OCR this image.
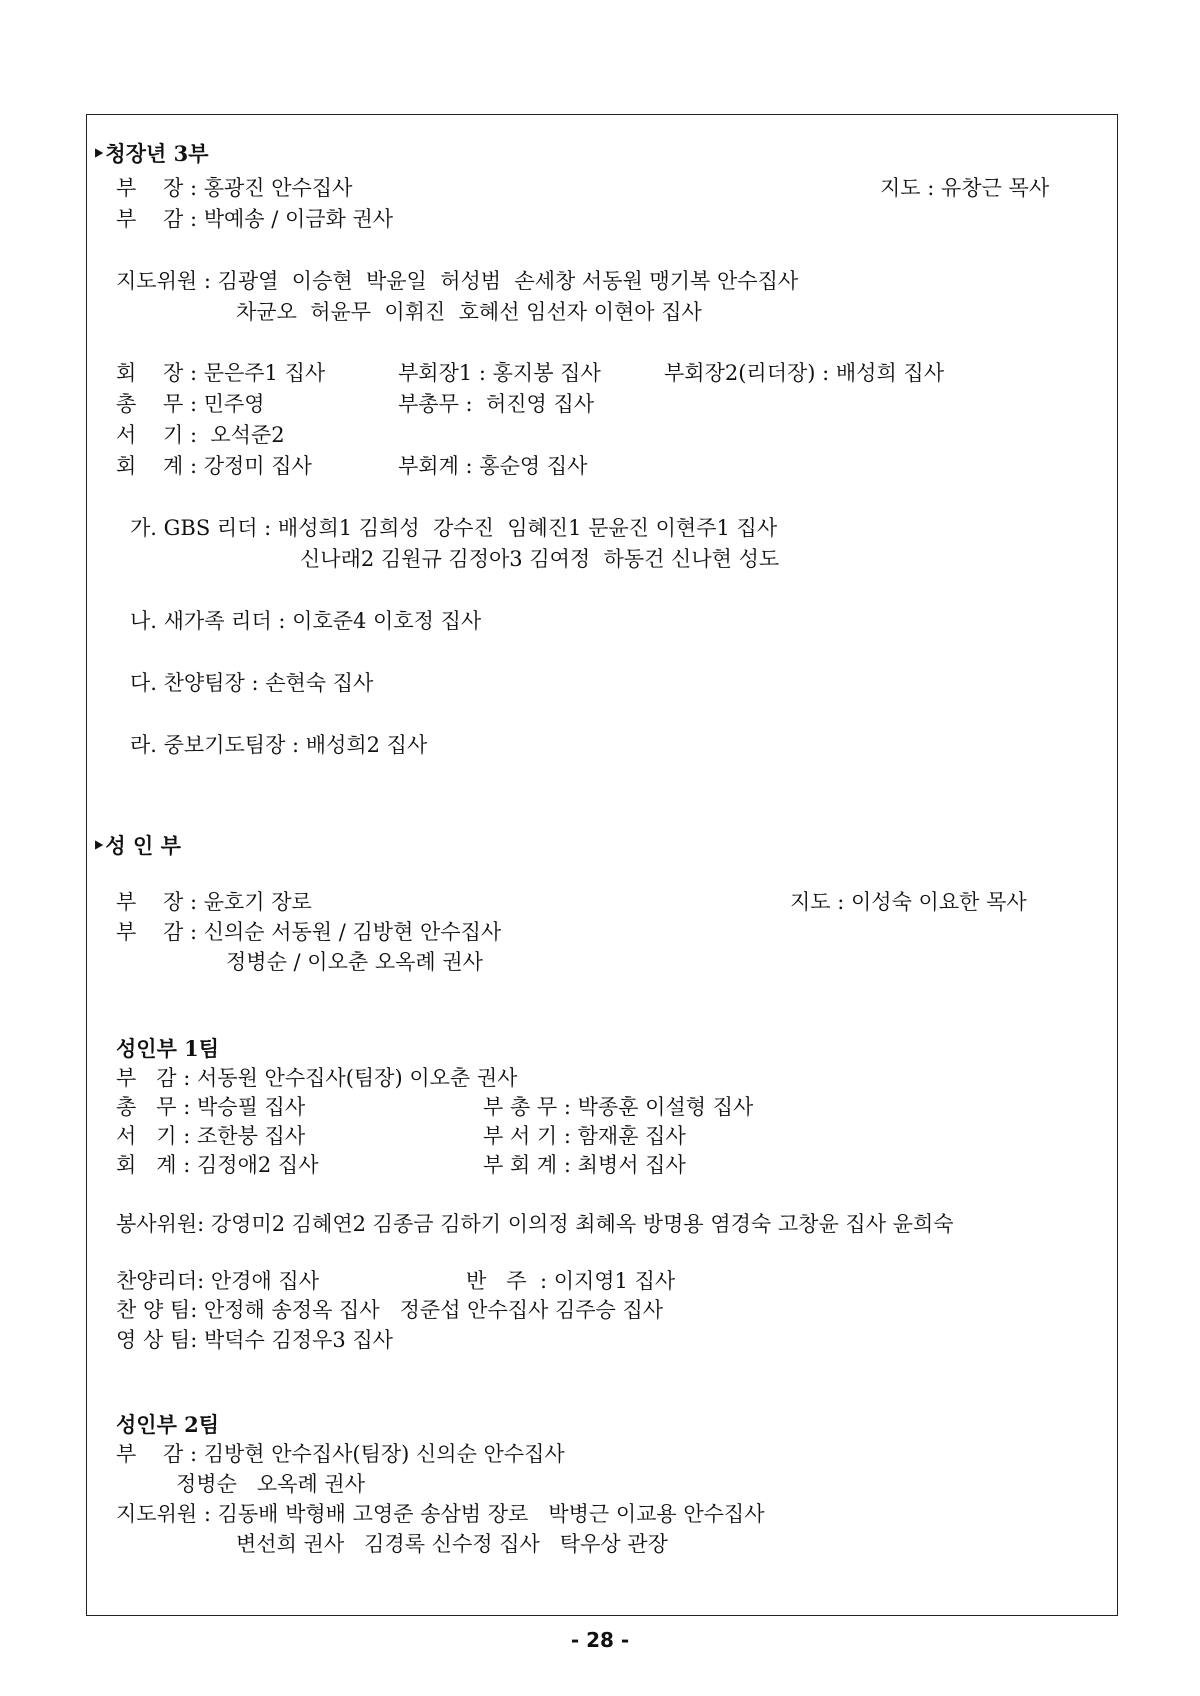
‣청장년 3부
부    장 : 홍광진 안수집사	지도 : 유창근 목사
부    감 : 박예송 / 이금화 권사
지도위원 : 김광열  이승현  박윤일  허성범  손세창 서동원 맹기복 안수집사
차균오  허윤무  이휘진  호혜선 임선자 이현아 집사
회    장 : 문은주1 집사	부회장1 : 홍지봉 집사	부회장2(리더장) : 배성희 집사
총    무 : 민주영	부총무 :  허진영 집사
서    기 :  오석준2
회    계 : 강정미 집사	부회계 : 홍순영 집사
가. GBS 리더 : 배성희1 김희성  강수진  임혜진1 문윤진 이현주1 집사
신나래2 김원규 김정아3 김여정  하동건 신나현 성도
나. 새가족 리더 : 이호준4 이호정 집사
다. 찬양팀장 : 손현숙 집사
라. 중보기도팀장 : 배성희2 집사
‣성 인 부
부    장 : 윤호기 장로	지도 : 이성숙 이요한 목사
부    감 : 신의순 서동원 / 김방현 안수집사
정병순 / 이오춘 오옥례 권사
성인부 1팀
부   감 : 서동원 안수집사(팀장) 이오춘 권사
총   무 : 박승필 집사	부 총 무 : 박종훈 이설형 집사
서   기 : 조한붕 집사	부 서 기 : 함재훈 집사
회   계 : 김정애2 집사	부 회 계 : 최병서 집사
봉사위원: 강영미2 김혜연2 김종금 김하기 이의정 최혜옥 방명용 염경숙 고창윤 집사 윤희숙
찬양리더: 안경애 집사	반   주  : 이지영1 집사
찬 양 팀: 안정해 송정옥 집사   정준섭 안수집사 김주승 집사
영 상 팀: 박덕수 김정우3 집사
성인부 2팀
부    감 : 김방현 안수집사(팀장) 신의순 안수집사
정병순   오옥례 권사
지도위원 : 김동배 박형배 고영준 송삼범 장로   박병근 이교용 안수집사
변선희 권사   김경록 신수정 집사   탁우상 관장
- 28 -
